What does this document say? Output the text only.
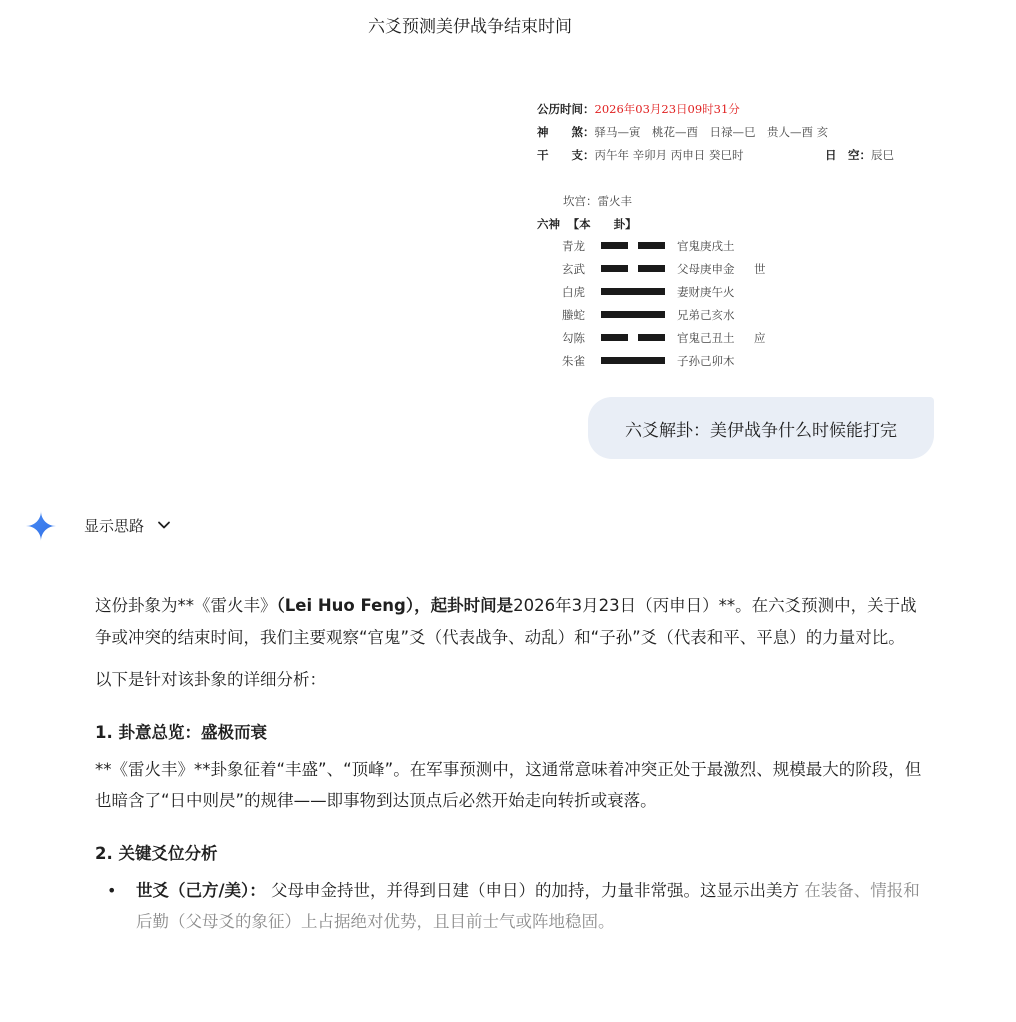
六爻预测美伊战争结束时间
公历时间：2026年03月23日09时31分
神　　煞：驿马—寅　桃花—酉　日禄—巳　贵人—酉 亥
干　　支：丙午年 辛卯月 丙申日 癸巳时	日　空：辰巳
坎宫：雷火丰
六神 【本　　卦】
青龙	官鬼庚戌土
玄武	父母庚申金 世
白虎	妻财庚午火
螣蛇	兄弟己亥水
勾陈	官鬼己丑土 应
朱雀	子孙己卯木
六爻解卦：美伊战争什么时候能打完
显示思路

这份卦象为**《雷火丰》（Lei Huo Feng），起卦时间是2026年3月23日（丙申日）**。在六爻预测中，关于战争或冲突的结束时间，我们主要观察“官鬼”爻（代表战争、动乱）和“子孙”爻（代表和平、平息）的力量对比。

以下是针对该卦象的详细分析：

1. 卦意总览：盛极而衰

**《雷火丰》**卦象征着“丰盛”、“顶峰”。在军事预测中，这通常意味着冲突正处于最激烈、规模最大的阶段，但也暗含了“日中则昃”的规律——即事物到达顶点后必然开始走向转折或衰落。

2. 关键爻位分析
• 世爻（己方/美）： 父母申金持世，并得到日建（申日）的加持，力量非常强。这显示出美方 在装备、情报和后勤（父母爻的象征）上占据绝对优势，且目前士气或阵地稳固。
